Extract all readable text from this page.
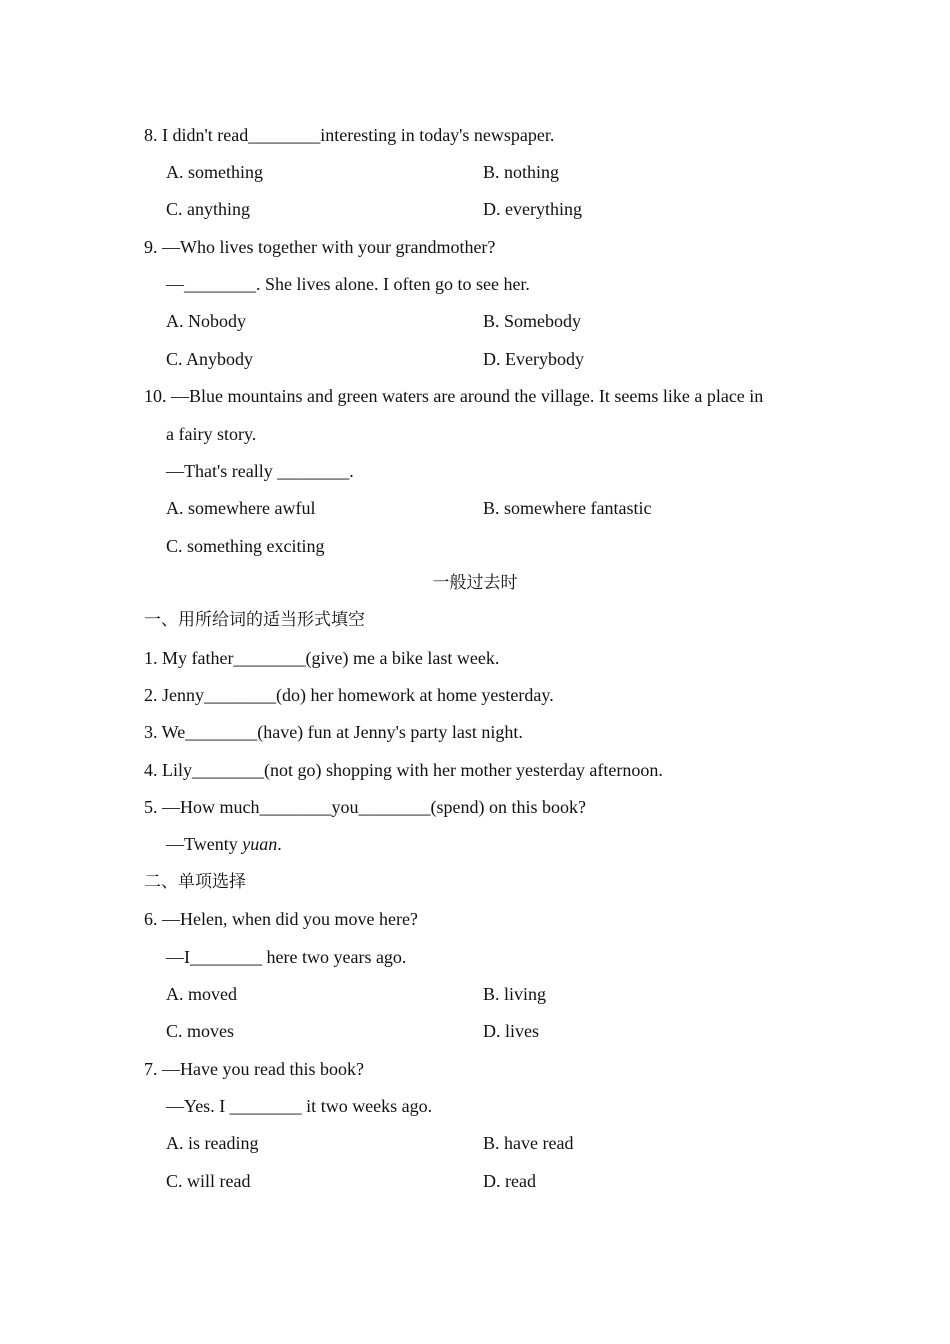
8. I didn't read________interesting in today's newspaper.
A. something	B. nothing
C. anything	D. everything
9. —Who lives together with your grandmother?
—________. She lives alone. I often go to see her.
A. Nobody	B. Somebody
C. Anybody	D. Everybody
10. —Blue mountains and green waters are around the village. It seems like a place in
a fairy story.
—That's really ________.
A. somewhere awful	B. somewhere fantastic
C. something exciting
一般过去时
一、用所给词的适当形式填空
1. My father________(give) me a bike last week.
2. Jenny________(do) her homework at home yesterday.
3. We________(have) fun at Jenny's party last night.
4. Lily________(not go) shopping with her mother yesterday afternoon.
5. —How much________you________(spend) on this book?
—Twenty yuan.
二、单项选择
6. —Helen, when did you move here?
—I________ here two years ago.
A. moved	B. living
C. moves	D. lives
7. —Have you read this book?
—Yes. I ________ it two weeks ago.
A. is reading	B. have read
C. will read	D. read
